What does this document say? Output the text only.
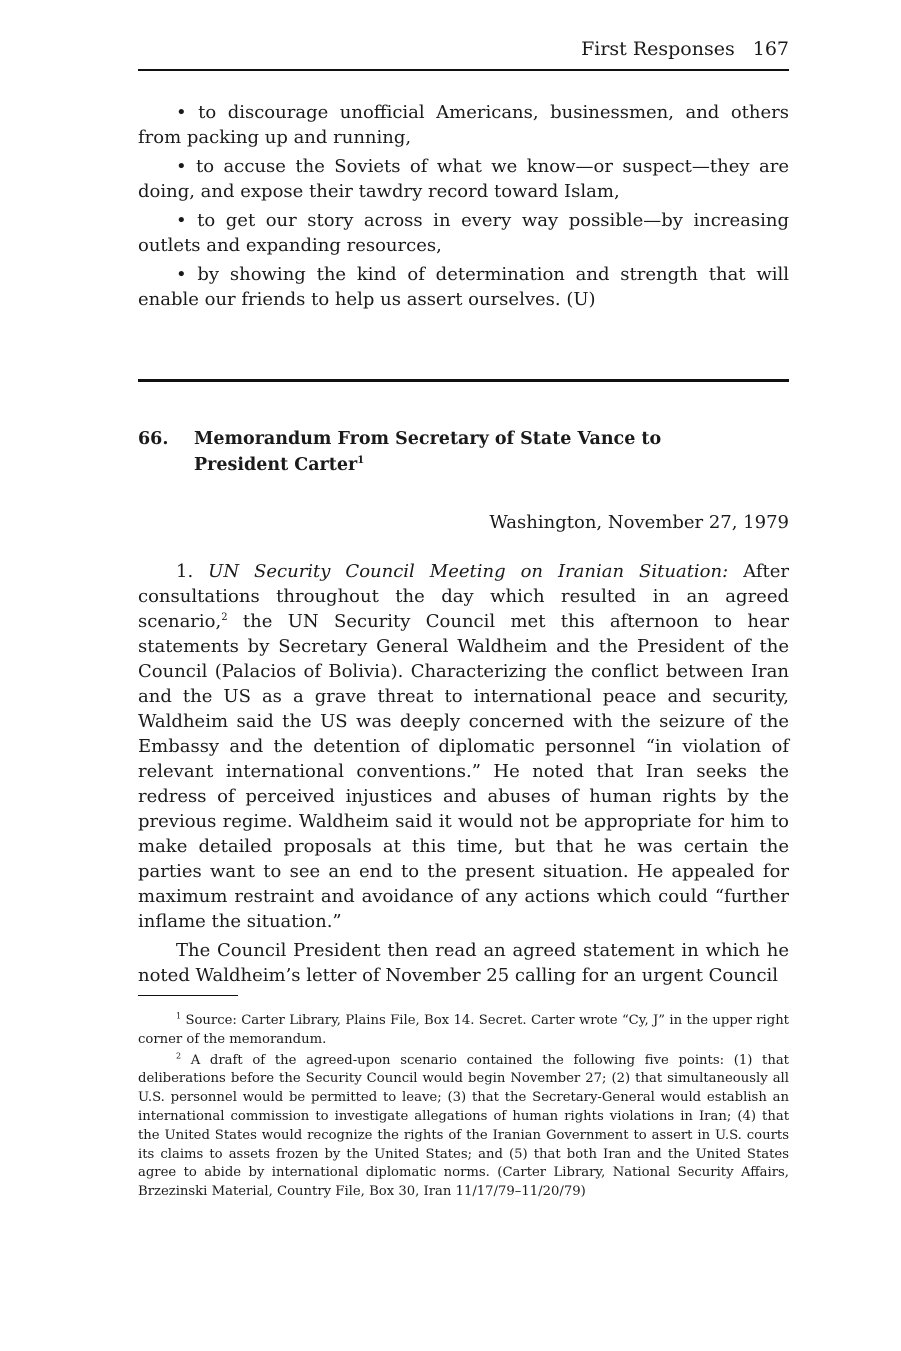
First Responses 167

• to discourage unofficial Americans, businessmen, and others from packing up and running,

• to accuse the Soviets of what we know—or suspect—they are doing, and expose their tawdry record toward Islam,

• to get our story across in every way possible—by increasing outlets and expanding resources,

• by showing the kind of determination and strength that will enable our friends to help us assert ourselves. (U)

66. Memorandum From Secretary of State Vance to
President Carter$^1$
Washington, November 27, 1979

1. UN Security Council Meeting on Iranian Situation: After consultations throughout the day which resulted in an agreed scenario,$^2$ the UN Security Council met this afternoon to hear statements by Secretary General Waldheim and the President of the Council (Palacios of Bolivia). Characterizing the conflict between Iran and the US as a grave threat to international peace and security, Waldheim said the US was deeply concerned with the seizure of the Embassy and the detention of diplomatic personnel “in violation of relevant international conventions.” He noted that Iran seeks the redress of perceived injustices and abuses of human rights by the previous regime. Waldheim said it would not be appropriate for him to make detailed proposals at this time, but that he was certain the parties want to see an end to the present situation. He appealed for maximum restraint and avoidance of any actions which could “further inflame the situation.”

The Council President then read an agreed statement in which he noted Waldheim’s letter of November 25 calling for an urgent Council

$^1$ Source: Carter Library, Plains File, Box 14. Secret. Carter wrote “Cy, J” in the upper right corner of the memorandum.

$^2$ A draft of the agreed-upon scenario contained the following five points: (1) that deliberations before the Security Council would begin November 27; (2) that simultaneously all U.S. personnel would be permitted to leave; (3) that the Secretary-General would establish an international commission to investigate allegations of human rights violations in Iran; (4) that the United States would recognize the rights of the Iranian Government to assert in U.S. courts its claims to assets frozen by the United States; and (5) that both Iran and the United States agree to abide by international diplomatic norms. (Carter Library, National Security Affairs, Brzezinski Material, Country File, Box 30, Iran 11/17/79–11/20/79)
